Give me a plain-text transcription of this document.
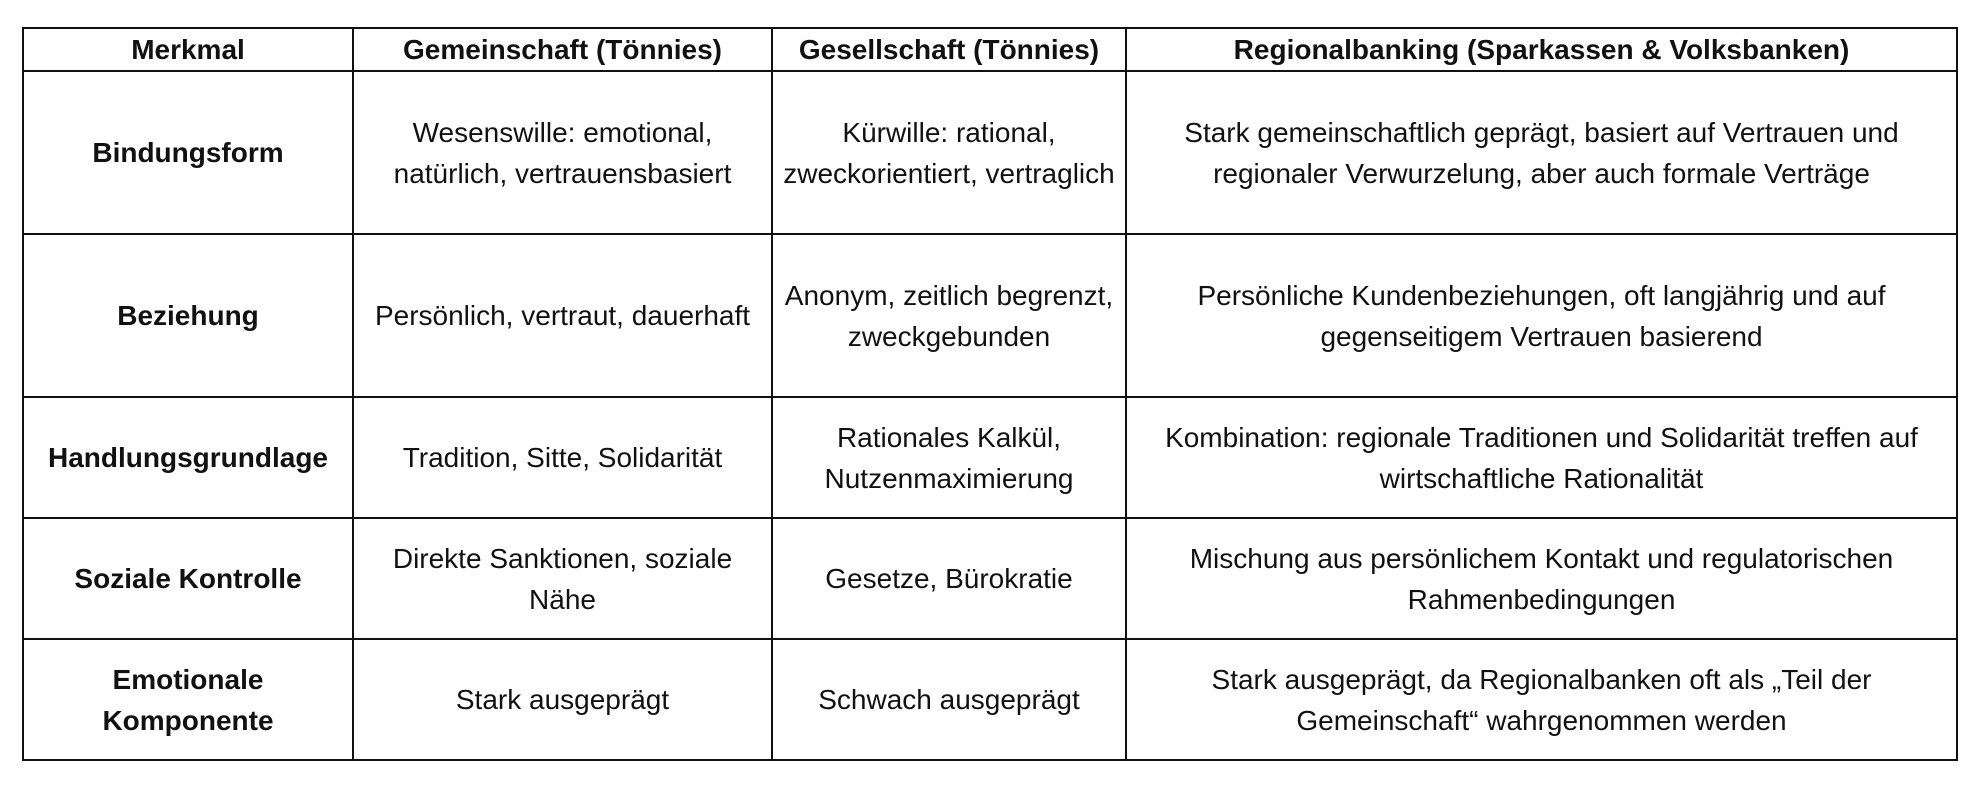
Merkmal	Gemeinschaft (Tönnies)	Gesellschaft (Tönnies)	Regionalbanking (Sparkassen & Volksbanken)
Bindungsform	Wesenswille: emotional, natürlich, vertrauensbasiert	Kürwille: rational, zweckorientiert, vertraglich	Stark gemeinschaftlich geprägt, basiert auf Vertrauen und regionaler Verwurzelung, aber auch formale Verträge
Beziehung	Persönlich, vertraut, dauerhaft	Anonym, zeitlich begrenzt, zweckgebunden	Persönliche Kundenbeziehungen, oft langjährig und auf gegenseitigem Vertrauen basierend
Handlungsgrundlage	Tradition, Sitte, Solidarität	Rationales Kalkül, Nutzenmaximierung	Kombination: regionale Traditionen und Solidarität treffen auf wirtschaftliche Rationalität
Soziale Kontrolle	Direkte Sanktionen, soziale Nähe	Gesetze, Bürokratie	Mischung aus persönlichem Kontakt und regulatorischen Rahmenbedingungen
Emotionale Komponente	Stark ausgeprägt	Schwach ausgeprägt	Stark ausgeprägt, da Regionalbanken oft als „Teil der Gemeinschaft“ wahrgenommen werden
